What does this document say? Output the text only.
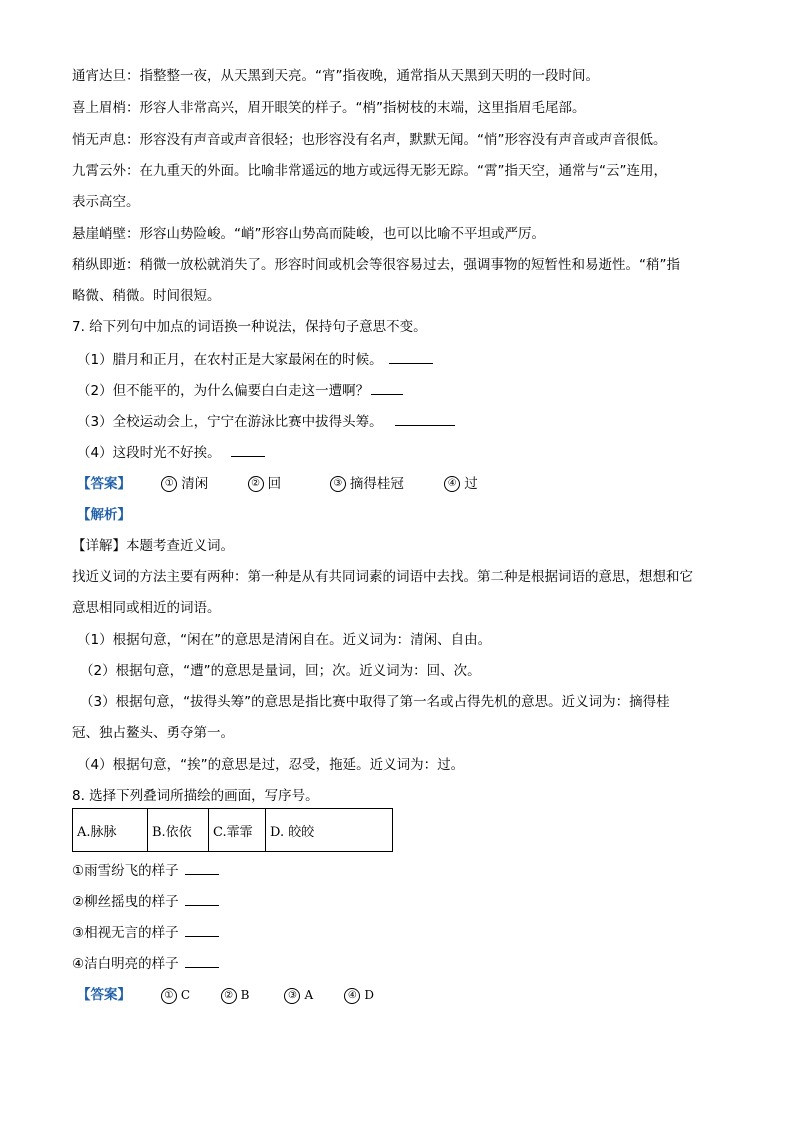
通宵达旦：指整整一夜，从天黑到天亮。“宵”指夜晚，通常指从天黑到天明的一段时间。
喜上眉梢：形容人非常高兴，眉开眼笑的样子。“梢”指树枝的末端，这里指眉毛尾部。
悄无声息：形容没有声音或声音很轻；也形容没有名声，默默无闻。“悄”形容没有声音或声音很低。
九霄云外：在九重天的外面。比喻非常遥远的地方或远得无影无踪。“霄”指天空，通常与“云”连用，
表示高空。
悬崖峭壁：形容山势险峻。“峭”形容山势高而陡峻，也可以比喻不平坦或严厉。
稍纵即逝：稍微一放松就消失了。形容时间或机会等很容易过去，强调事物的短暂性和易逝性。“稍”指
略微、稍微。时间很短。
7. 给下列句中加点的词语换一种说法，保持句子意思不变。
（1）腊月和正月，在农村正是大家最闲在的时候。
（2）但不能平的，为什么偏要白白走这一遭啊？
（3）全校运动会上，宁宁在游泳比赛中拔得头筹。
（4）这段时光不好挨。
【答案】	① 清闲	② 回	③ 摘得桂冠	④ 过
【解析】
【详解】本题考查近义词。
找近义词的方法主要有两种：第一种是从有共同词素的词语中去找。第二种是根据词语的意思，想想和它
意思相同或相近的词语。
（1）根据句意，“闲在”的意思是清闲自在。近义词为：清闲、自由。
（2）根据句意，“遭”的意思是量词，回；次。近义词为：回、次。
（3）根据句意，“拔得头筹”的意思是指比赛中取得了第一名或占得先机的意思。近义词为：摘得桂
冠、独占鳌头、勇夺第一。
（4）根据句意，“挨”的意思是过，忍受，拖延。近义词为：过。
8. 选择下列叠词所描绘的画面，写序号。
A.脉脉	B.依依	C.霏霏	D. 皎皎
①雨雪纷飞的样子
②柳丝摇曳的样子
③相视无言的样子
④洁白明亮的样子
【答案】	① C	② B	③ A	④ D
